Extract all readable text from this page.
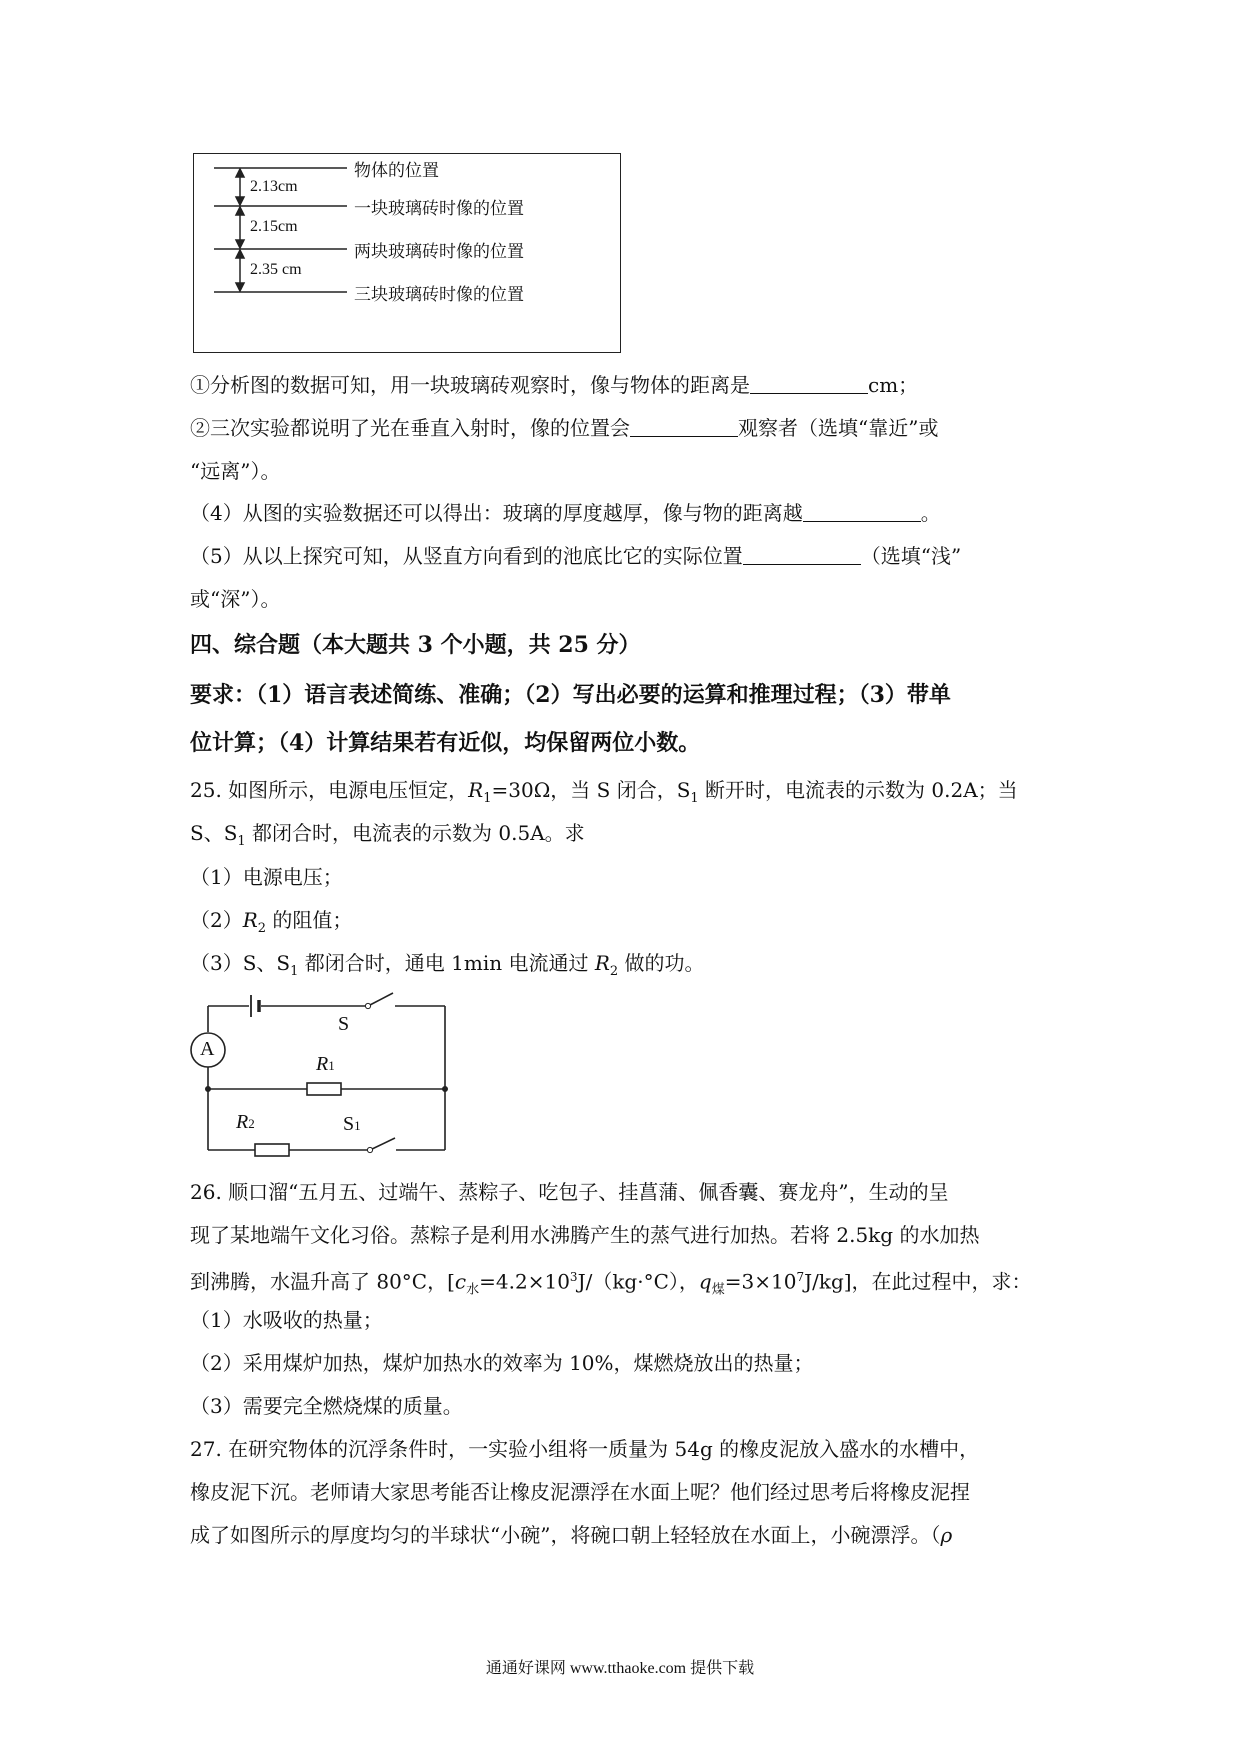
2.13cm
2.15cm
2.35 cm
物体的位置
一块玻璃砖时像的位置
两块玻璃砖时像的位置
三块玻璃砖时像的位置
①分析图的数据可知，用一块玻璃砖观察时，像与物体的距离是	cm；
②三次实验都说明了光在垂直入射时，像的位置会	观察者（选填“靠近”或
“远离”）。
（4）从图的实验数据还可以得出：玻璃的厚度越厚，像与物的距离越	。
（5）从以上探究可知，从竖直方向看到的池底比它的实际位置	（选填“浅”
或“深”）。
四、综合题（本大题共 3 个小题，共 25 分）
要求：（1）语言表述简练、准确；（2）写出必要的运算和推理过程；（3）带单
位计算；（4）计算结果若有近似，均保留两位小数。
25. 如图所示，电源电压恒定，$R_1=30\Omega$，当 S 闭合，$S_1$ 断开时，电流表的示数为 0.2A；当
S、$S_1$ 都闭合时，电流表的示数为 0.5A。求
（1）电源电压；
$(2)R_2$ 的阻值；
（3）S、$S_1$ 都闭合时，通电 1min 电流通过 $R_2$ 做的功。
A
S
R1
R2	S1
26. 顺口溜“五月五、过端午、蒸粽子、吃包子、挂菖蒲、佩香囊、赛龙舟”，生动的呈
现了某地端午文化习俗。蒸粽子是利用水沸腾产生的蒸气进行加热。若将 2.5kg 的水加热
到沸腾，水温升高了 80°C，[$c_水=4.2\times 10^3J/(kg\cdot^\circ C)$，$q_煤=3\times 10^7J/kg$]，在此过程中，求：
（1）水吸收的热量；
（2）采用煤炉加热，煤炉加热水的效率为 10%，煤燃烧放出的热量；
（3）需要完全燃烧煤的质量。
27. 在研究物体的沉浮条件时，一实验小组将一质量为 54g 的橡皮泥放入盛水的水槽中，
橡皮泥下沉。老师请大家思考能否让橡皮泥漂浮在水面上呢？他们经过思考后将橡皮泥捏
成了如图所示的厚度均匀的半球状“小碗”，将碗口朝上轻轻放在水面上，小碗漂浮。（ρ
通通好课网 www.tthaoke.com 提供下载
